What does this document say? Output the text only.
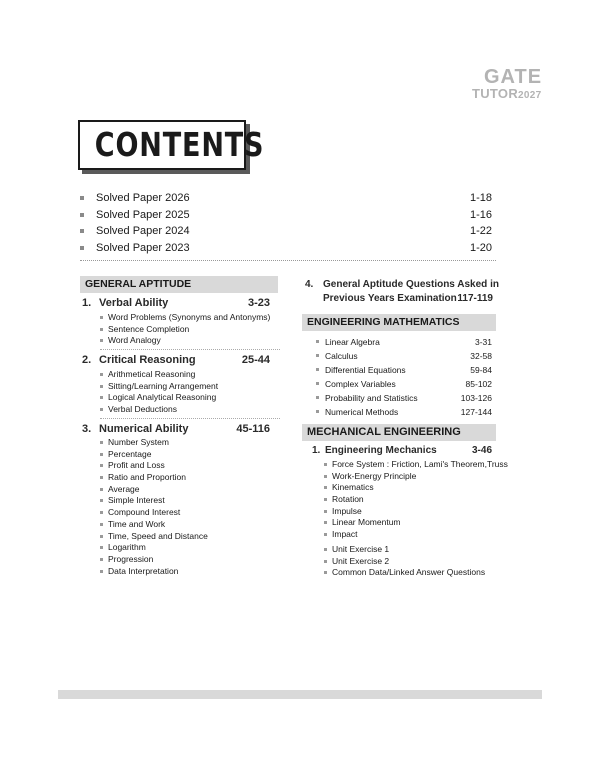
GATE
TUTOR2027
CONTENTS
Solved Paper 2026	1-18
Solved Paper 2025	1-16
Solved Paper 2024	1-22
Solved Paper 2023	1-20
GENERAL APTITUDE
1. Verbal Ability	3-23
Word Problems (Synonyms and Antonyms)
Sentence Completion
Word Analogy
2. Critical Reasoning	25-44
Arithmetical Reasoning
Sitting/Learning Arrangement
Logical Analytical Reasoning
Verbal Deductions
3. Numerical Ability	45-116
Number System
Percentage
Profit and Loss
Ratio and Proportion
Average
Simple Interest
Compound Interest
Time and Work
Time, Speed and Distance
Logarithm
Progression
Data Interpretation
4. General Aptitude Questions Asked in
Previous Years Examination 117-119
ENGINEERING MATHEMATICS
Linear Algebra	3-31
Calculus	32-58
Differential Equations	59-84
Complex Variables	85-102
Probability and Statistics	103-126
Numerical Methods	127-144
MECHANICAL ENGINEERING
1. Engineering Mechanics	3-46
Force System : Friction, Lami's Theorem,Truss
Work-Energy Principle
Kinematics
Rotation
Impulse
Linear Momentum
Impact
Unit Exercise 1
Unit Exercise 2
Common Data/Linked Answer Questions
